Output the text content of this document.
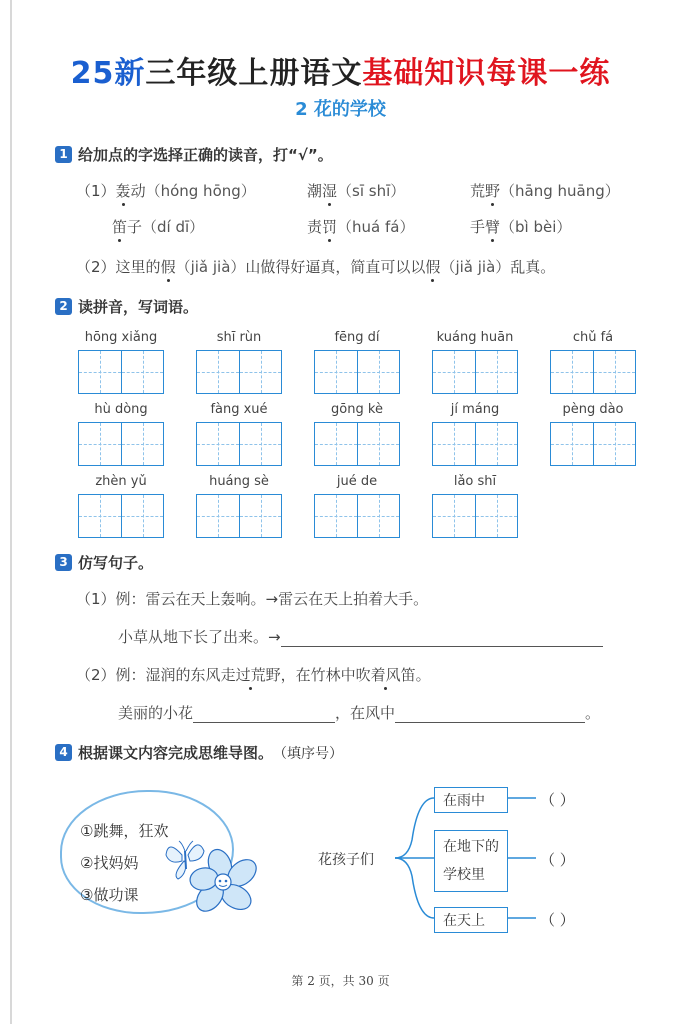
25新三年级上册语文基础知识每课一练
2 花的学校
1 给加点的字选择正确的读音，打“√”。
（1）轰动（hóng hōng）	潮湿（sī shī）	荒野（hāng huāng）
笛子（dí dī）	责罚（huá fá）	手臂（bì bèi）
（2）这里的假（jiǎ jià）山做得好逼真，简直可以以假（jiǎ jià）乱真。
2 读拼音，写词语。
hōng xiǎng	shī rùn	fēng dí	kuáng huān	chǔ fá
hù dòng	fàng xué	gōng kè	jí máng	pèng dào
zhèn yǔ	huáng sè	jué de	lǎo shī
3 仿写句子。
（1）例：雷云在天上轰响。→雷云在天上拍着大手。
小草从地下长了出来。→
（2）例：湿润的东风走过荒野，在竹林中吹着风笛。
美丽的小花	，在风中	。
4 根据课文内容完成思维导图。 （填序号）
①跳舞，狂欢
②找妈妈
③做功课
花孩子们
在雨中
在地下的
学校里
在天上
（ ）
（ ）
（ ）
第 2 页，共 30 页
